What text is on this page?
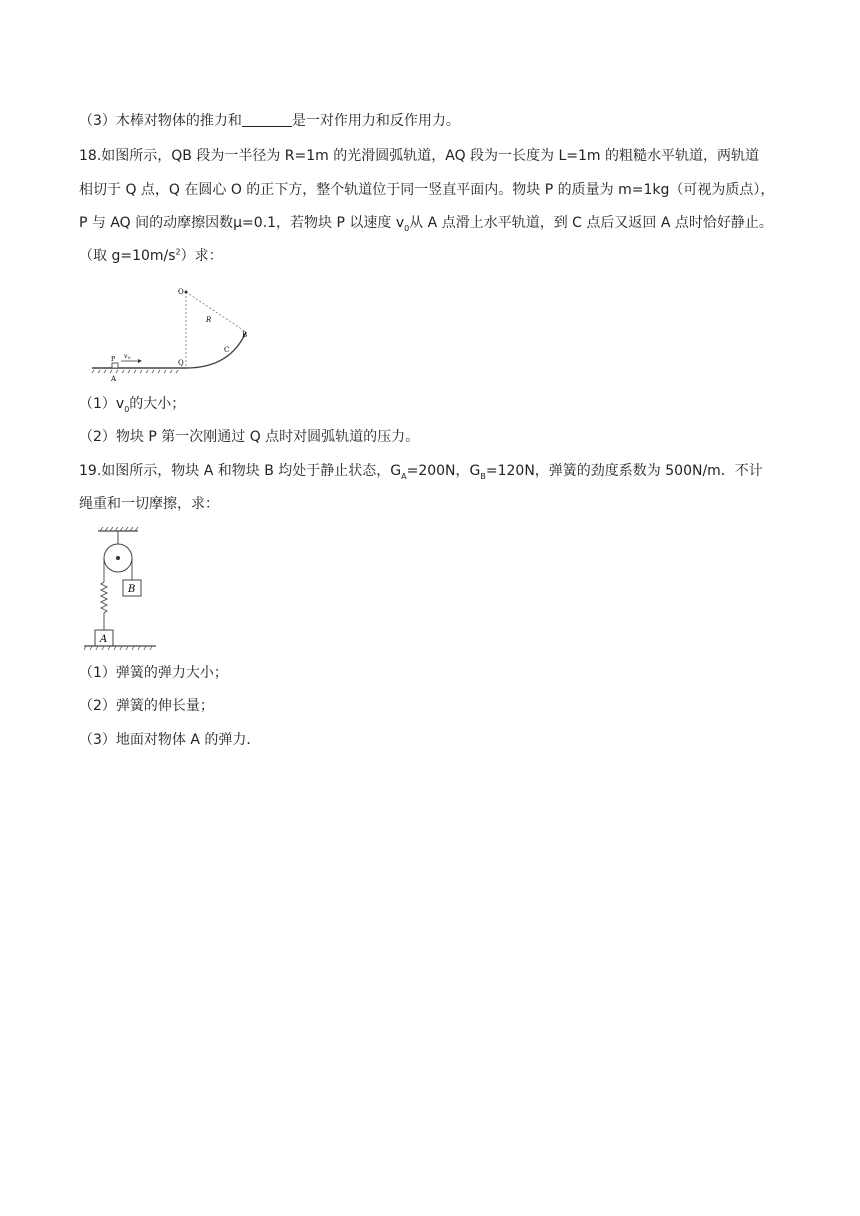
（3）木棒对物体的推力和	是一对作用力和反作用力。
18.如图所示，QB 段为一半径为 R=1m 的光滑圆弧轨道，AQ 段为一长度为 L=1m 的粗糙水平轨道，两轨道
相切于 Q 点，Q 在圆心 O 的正下方，整个轨道位于同一竖直平面内。物块 P 的质量为 m=1kg（可视为质点），
P 与 AQ 间的动摩擦因数μ=0.1，若物块 P 以速度 $v_0$从 A 点滑上水平轨道，到 C 点后又返回 A 点时恰好静止。
（取 $g=10m/s^2$）求：
O
R
B
C
Q
P
A
v 0
$(1)v_0$的大小；
（2）物块 P 第一次刚通过 Q 点时对圆弧轨道的压力。
19.如图所示，物块 A 和物块 B 均处于静止状态，$G_A=200N$，$G_B=120N$，弹簧的劲度系数为 500N/m．不计
绳重和一切摩擦，求：
B
A
（1）弹簧的弹力大小；
（2）弹簧的伸长量；
（3）地面对物体 A 的弹力．
